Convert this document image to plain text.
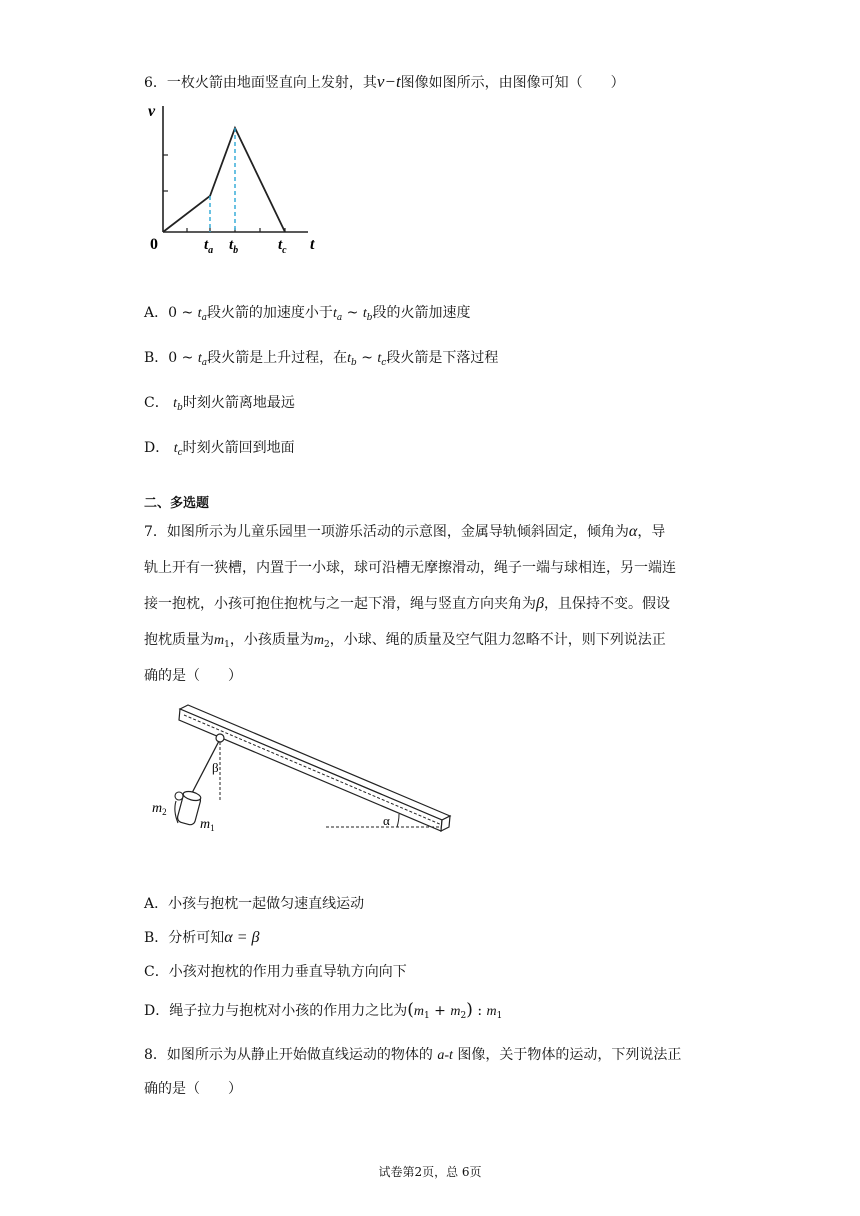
6．一枚火箭由地面竖直向上发射，其v−t图像如图所示，由图像可知（　　）
v
t
0	$t_a$ $t_b$	$t_c$
A．0 ~ $t_a$段火箭的加速度小于$t_a$ ~ $t_b$段的火箭加速度
B．0 ~ $t_a$段火箭是上升过程，在$t_b$ ~ $t_c$段火箭是下落过程
C． $t_b$时刻火箭离地最远
D． $t_c$时刻火箭回到地面
二、多选题
7．如图所示为儿童乐园里一项游乐活动的示意图，金属导轨倾斜固定，倾角为α，导
轨上开有一狭槽，内置于一小球，球可沿槽无摩擦滑动，绳子一端与球相连，另一端连
接一抱枕，小孩可抱住抱枕与之一起下滑，绳与竖直方向夹角为β，且保持不变。假设
抱枕质量为$m_1$，小孩质量为$m_2$，小球、绳的质量及空气阻力忽略不计，则下列说法正
确的是（　　）
β
$m_2$
$m_1$	α
A．小孩与抱枕一起做匀速直线运动
B．分析可知α = β
C．小孩对抱枕的作用力垂直导轨方向向下
D．绳子拉力与抱枕对小孩的作用力之比为$(m_1 + m_2)$ : $m_1$
8．如图所示为从静止开始做直线运动的物体的 a-t 图像，关于物体的运动，下列说法正
确的是（　　）
试卷第2页，总 6页
